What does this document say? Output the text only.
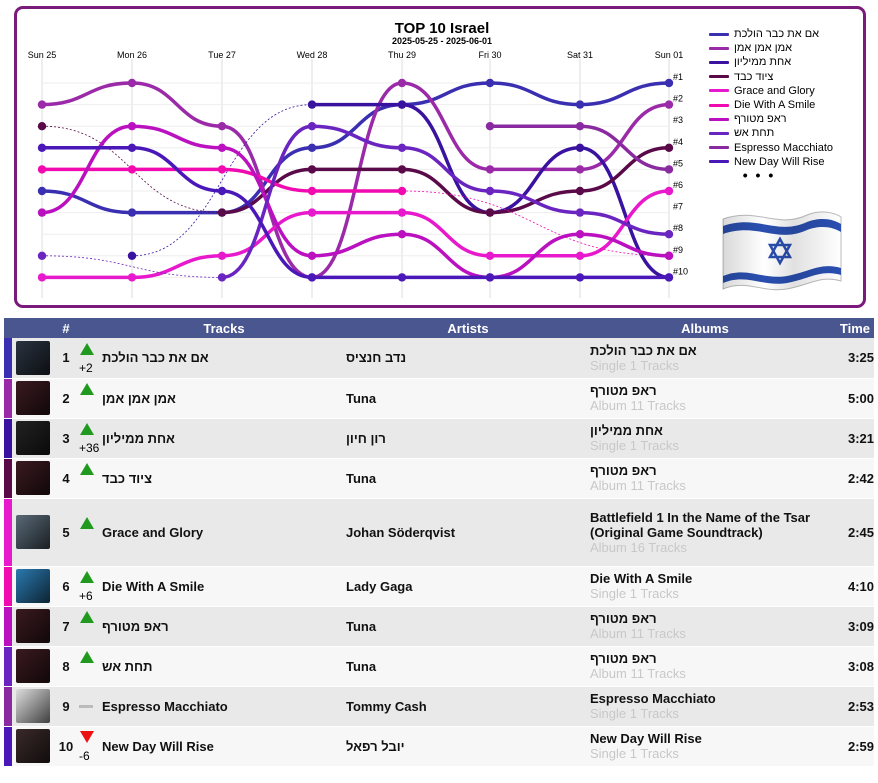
TOP 10 Israel
2025-05-25 - 2025-06-01
Sun 25	Mon 26	Tue 27	Wed 28	Thu 29	Fri 30	Sat 31	Sun 01
#1
#2
#3
#4
#5
#6
#7
#8
#9
#10
אם את כבר הולכת
אמן אמן אמן
אחת ממיליון
ציוד כבד
Grace and Glory
Die With A Smile
ראפ מטורף
תחת אש
Espresso Macchiato
New Day Will Rise
• • •
		#		Tracks	Artists	Albums	Time

	1	+2	אם את כבר הולכת	נדב חנציס	אם את כבר הולכת
Single 1 Tracks	3:25

	2		אמן אמן אמן	Tuna	ראפ מטורף
Album 11 Tracks	5:00

	3	+36	אחת ממיליון	רון חיון	אחת ממיליון
Single 1 Tracks	3:21

	4		ציוד כבד	Tuna	ראפ מטורף
Album 11 Tracks	2:42

	5		Grace and Glory	Johan Söderqvist	Battlefield 1 In the Name of the Tsar (Original Game Soundtrack)
Album 16 Tracks	2:45

	6	+6	Die With A Smile	Lady Gaga	Die With A Smile
Single 1 Tracks	4:10

	7		ראפ מטורף	Tuna	ראפ מטורף
Album 11 Tracks	3:09

	8		תחת אש	Tuna	ראפ מטורף
Album 11 Tracks	3:08

	9		Espresso Macchiato	Tommy Cash	Espresso Macchiato
Single 1 Tracks	2:53

	10	-6	New Day Will Rise	יובל רפאל	New Day Will Rise
Single 1 Tracks	2:59
